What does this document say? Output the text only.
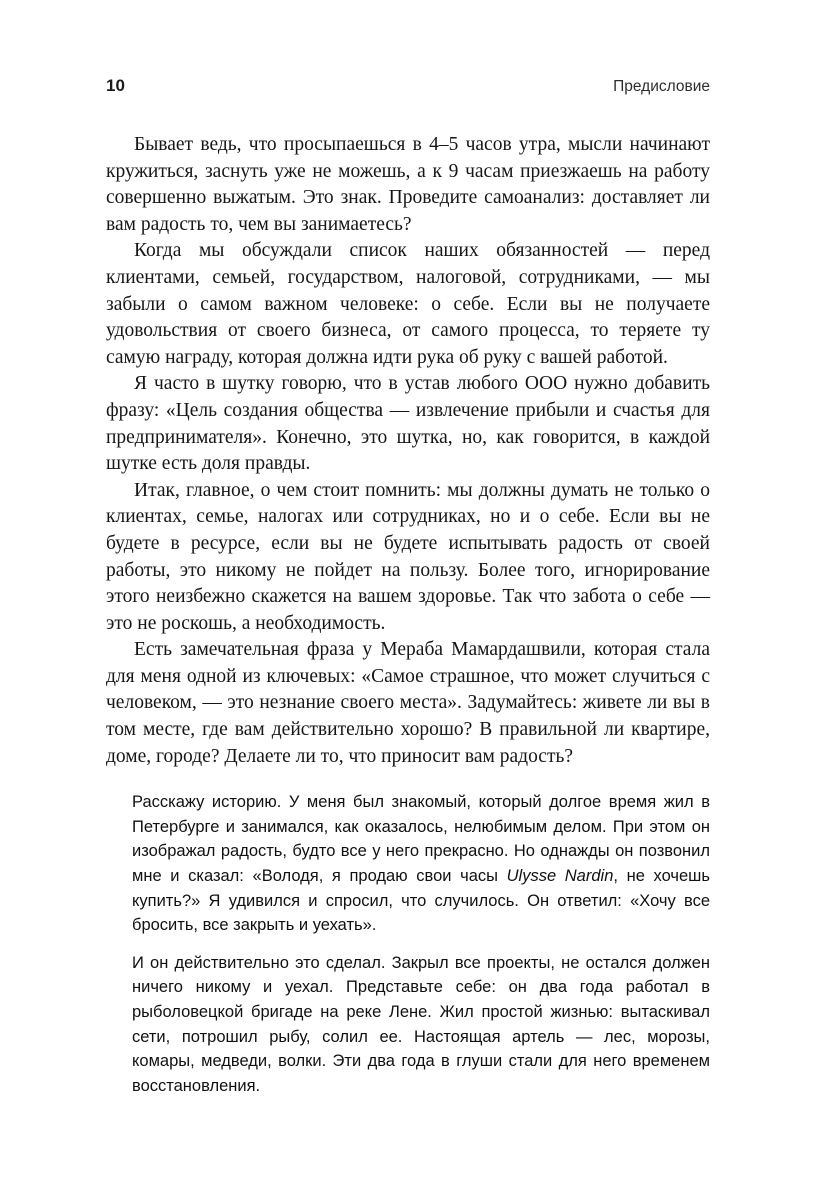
10	Предисловие

Бывает ведь, что просыпаешься в 4–5 часов утра, мысли начинают кружиться, заснуть уже не можешь, а к 9 часам приезжаешь на работу совершенно выжатым. Это знак. Проведите самоанализ: доставляет ли вам радость то, чем вы занимаетесь?

Когда мы обсуждали список наших обязанностей — перед клиентами, семьей, государством, налоговой, сотрудниками, — мы забыли о самом важном человеке: о себе. Если вы не получаете удовольствия от своего бизнеса, от самого процесса, то теряете ту самую награду, которая должна идти рука об руку с вашей работой.

Я часто в шутку говорю, что в устав любого ООО нужно добавить фразу: «Цель создания общества — извлечение прибыли и счастья для предпринимателя». Конечно, это шутка, но, как говорится, в каждой шутке есть доля правды.

Итак, главное, о чем стоит помнить: мы должны думать не только о клиентах, семье, налогах или сотрудниках, но и о себе. Если вы не будете в ресурсе, если вы не будете испытывать радость от своей работы, это никому не пойдет на пользу. Более того, игнорирование этого неизбежно скажется на вашем здоровье. Так что забота о себе — это не роскошь, а необходимость.

Есть замечательная фраза у Мераба Мамардашвили, которая стала для меня одной из ключевых: «Самое страшное, что может случиться с человеком, — это незнание своего места». Задумайтесь: живете ли вы в том месте, где вам действительно хорошо? В правильной ли квартире, доме, городе? Делаете ли то, что приносит вам радость?

Расскажу историю. У меня был знакомый, который долгое время жил в Петербурге и занимался, как оказалось, нелюбимым делом. При этом он изображал радость, будто все у него прекрасно. Но однажды он позвонил мне и сказал: «Володя, я продаю свои часы Ulysse Nardin, не хочешь купить?» Я удивился и спросил, что случилось. Он ответил: «Хочу все бросить, все закрыть и уехать».

И он действительно это сделал. Закрыл все проекты, не остался должен ничего никому и уехал. Представьте себе: он два года работал в рыболовецкой бригаде на реке Лене. Жил простой жизнью: вытаскивал сети, потрошил рыбу, солил ее. Настоящая артель — лес, морозы, комары, медведи, волки. Эти два года в глуши стали для него временем восстановления.
